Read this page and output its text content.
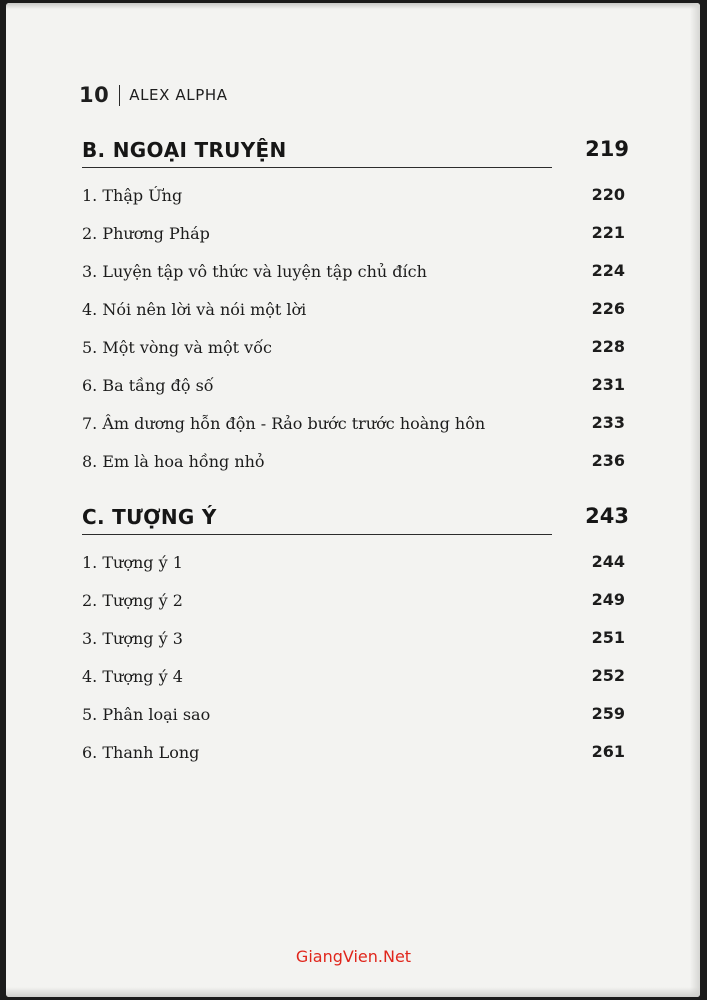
10 ALEX ALPHA
B. NGOẠI TRUYỆN	219
1. Thập Ứng	220
2. Phương Pháp	221
3. Luyện tập vô thức và luyện tập chủ đích	224
4. Nói nên lời và nói một lời	226
5. Một vòng và một vốc	228
6. Ba tầng độ số	231
7. Âm dương hỗn độn - Rảo bước trước hoàng hôn	233
8. Em là hoa hồng nhỏ	236
C. TƯỢNG Ý	243
1. Tượng ý 1	244
2. Tượng ý 2	249
3. Tượng ý 3	251
4. Tượng ý 4	252
5. Phân loại sao	259
6. Thanh Long	261
GiangVien.Net
